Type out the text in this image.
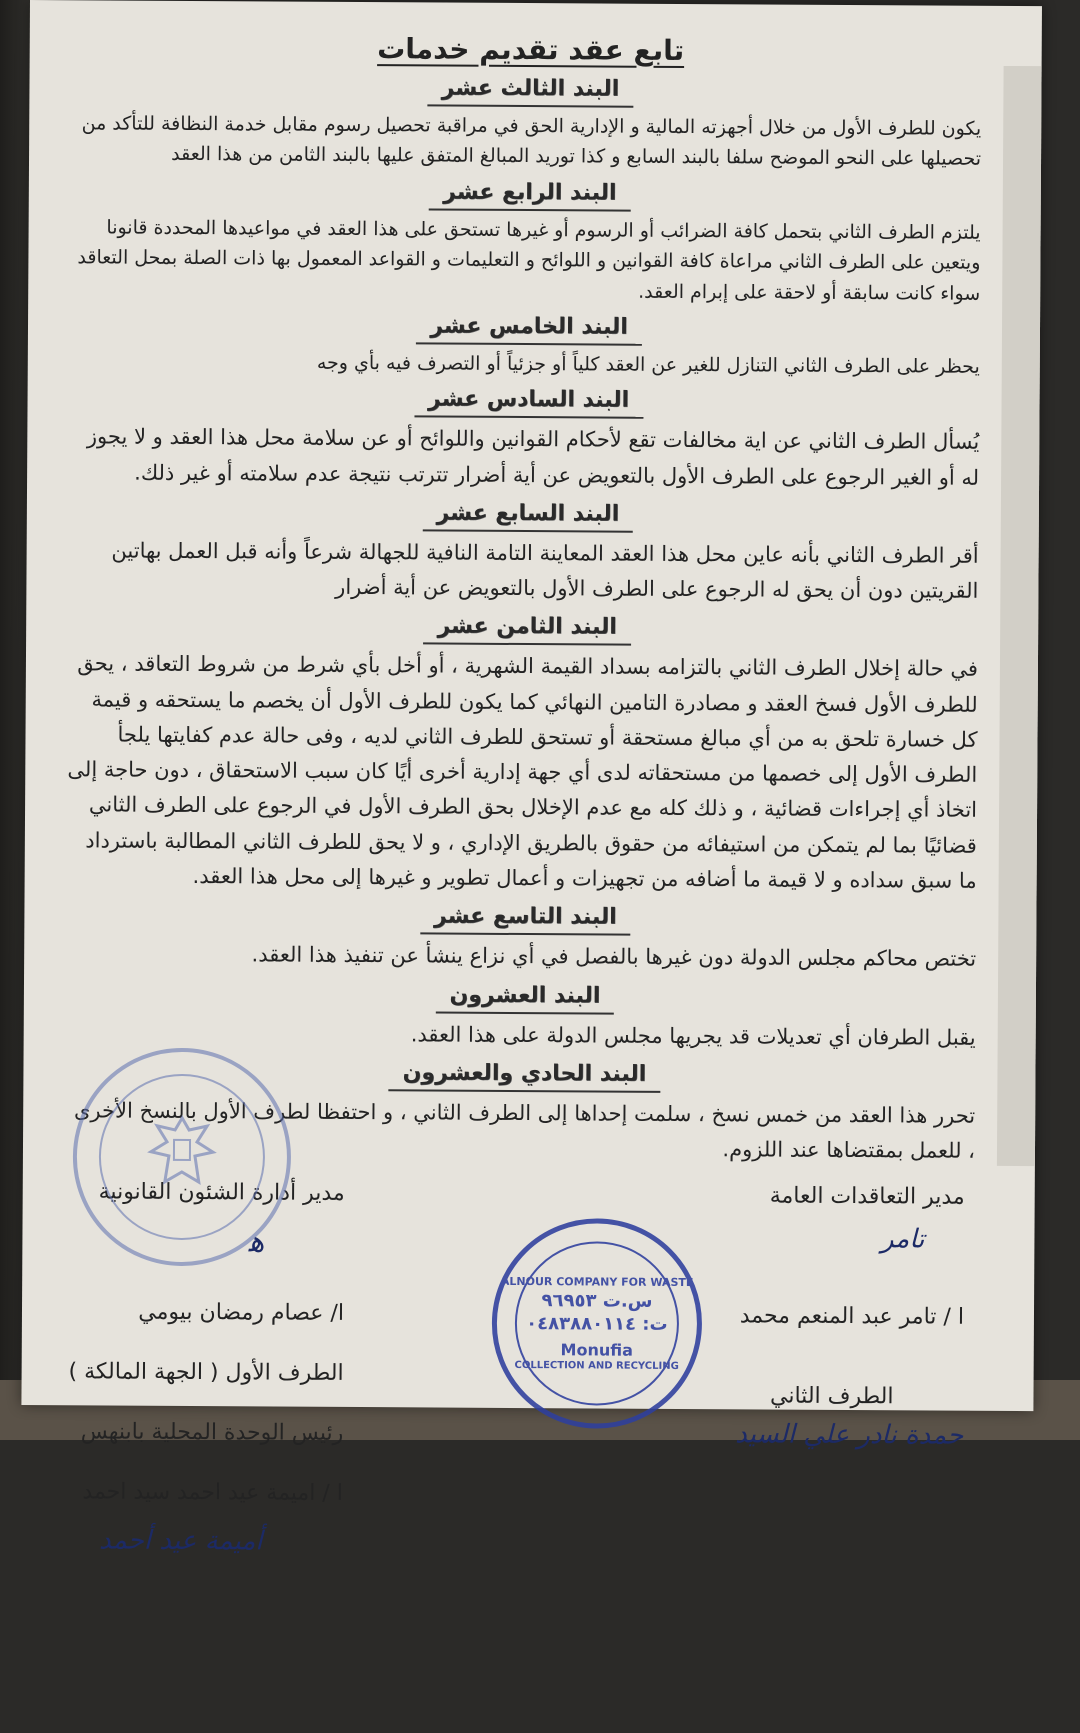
تابع عقد تقديم خدمات
البند الثالث عشر

يكون للطرف الأول من خلال أجهزته المالية و الإدارية الحق في مراقبة تحصيل رسوم مقابل خدمة النظافة للتأكد من تحصيلها على النحو الموضح سلفا بالبند السابع و كذا توريد المبالغ المتفق عليها بالبند الثامن من هذا العقد

البند الرابع عشر

يلتزم الطرف الثاني بتحمل كافة الضرائب أو الرسوم أو غيرها تستحق على هذا العقد في مواعيدها المحددة قانونا ويتعين على الطرف الثاني مراعاة كافة القوانين و اللوائح و التعليمات و القواعد المعمول بها ذات الصلة بمحل التعاقد سواء كانت سابقة أو لاحقة على إبرام العقد.

البند الخامس عشر

يحظر على الطرف الثاني التنازل للغير عن العقد كلياً أو جزئياً أو التصرف فيه بأي وجه

البند السادس عشر

يُسأل الطرف الثاني عن اية مخالفات تقع لأحكام القوانين واللوائح أو عن سلامة محل هذا العقد و لا يجوز له أو الغير الرجوع على الطرف الأول بالتعويض عن أية أضرار تترتب نتيجة عدم سلامته أو غير ذلك.

البند السابع عشر

أقر الطرف الثاني بأنه عاين محل هذا العقد المعاينة التامة النافية للجهالة شرعاً وأنه قبل العمل بهاتين القريتين دون أن يحق له الرجوع على الطرف الأول بالتعويض عن أية أضرار

البند الثامن عشر

في حالة إخلال الطرف الثاني بالتزامه بسداد القيمة الشهرية ، أو أخل بأي شرط من شروط التعاقد ، يحق للطرف الأول فسخ العقد و مصادرة التامين النهائي كما يكون للطرف الأول أن يخصم ما يستحقه و قيمة كل خسارة تلحق به من أي مبالغ مستحقة أو تستحق للطرف الثاني لديه ، وفى حالة عدم كفايتها يلجأ الطرف الأول إلى خصمها من مستحقاته لدى أي جهة إدارية أخرى أيًا كان سبب الاستحقاق ، دون حاجة إلى اتخاذ أي إجراءات قضائية ، و ذلك كله مع عدم الإخلال بحق الطرف الأول في الرجوع على الطرف الثاني قضائيًا بما لم يتمكن من استيفائه من حقوق بالطريق الإداري ، و لا يحق للطرف الثاني المطالبة باسترداد ما سبق سداده و لا قيمة ما أضافه من تجهيزات و أعمال تطوير و غيرها إلى محل هذا العقد.

البند التاسع عشر

تختص محاكم مجلس الدولة دون غيرها بالفصل في أي نزاع ينشأ عن تنفيذ هذا العقد.

البند العشرون

يقبل الطرفان أي تعديلات قد يجريها مجلس الدولة على هذا العقد.

البند الحادي والعشرون

تحرر هذا العقد من خمس نسخ ، سلمت إحداها إلى الطرف الثاني ، و احتفظا لطرف الأول بالنسخ الأخرى ، للعمل بمقتضاها عند اللزوم.

مدير التعاقدات العامة
تامر
ا / تامر عبد المنعم محمد
الطرف الثاني
حمدة نادر علي السيد
ALNOUR COMPANY FOR WASTE
س.ت ٩٦٩٥٣
ت: ٠٤٨٣٨٨٠١١٤
Monufia
COLLECTION AND RECYCLING
مدير أدارة الشئون القانونية
ﻫ
ا/ عصام رمضان بيومي
الطرف الأول ( الجهة المالكة )
رئيس الوحدة المحلية بابنهس
ا / اميمة عيد احمد سيد احمد
أميمة عيد أحمد
